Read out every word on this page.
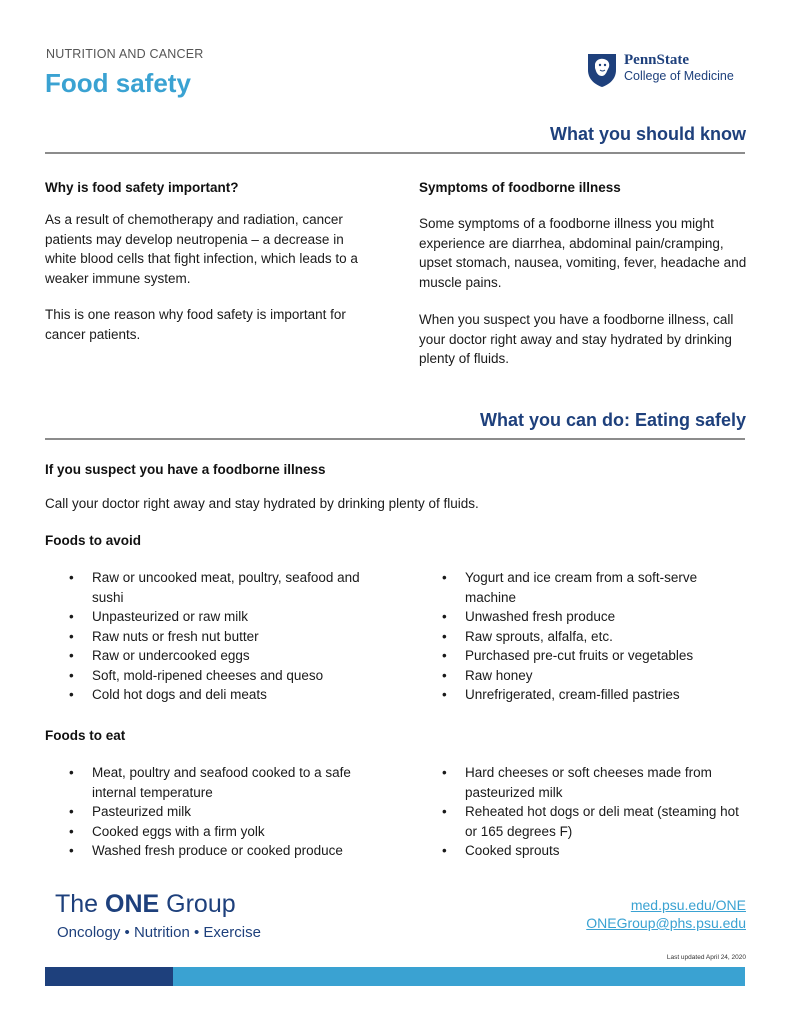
NUTRITION AND CANCER
Food safety
PennState
College of Medicine
What you should know
Why is food safety important?

As a result of chemotherapy and radiation, cancer patients may develop neutropenia – a decrease in white blood cells that fight infection, which leads to a weaker immune system.

This is one reason why food safety is important for cancer patients.

Symptoms of foodborne illness

Some symptoms of a foodborne illness you might experience are diarrhea, abdominal pain/cramping, upset stomach, nausea, vomiting, fever, headache and muscle pains.

When you suspect you have a foodborne illness, call your doctor right away and stay hydrated by drinking plenty of fluids.

What you can do: Eating safely
If you suspect you have a foodborne illness

Call your doctor right away and stay hydrated by drinking plenty of fluids.

Foods to avoid
• Raw or uncooked meat, poultry, seafood and sushi
• Unpasteurized or raw milk
• Raw nuts or fresh nut butter
• Raw or undercooked eggs
• Soft, mold-ripened cheeses and queso
• Cold hot dogs and deli meats
• Yogurt and ice cream from a soft-serve machine
• Unwashed fresh produce
• Raw sprouts, alfalfa, etc.
• Purchased pre-cut fruits or vegetables
• Raw honey
• Unrefrigerated, cream-filled pastries
Foods to eat
• Meat, poultry and seafood cooked to a safe internal temperature
• Pasteurized milk
• Cooked eggs with a firm yolk
• Washed fresh produce or cooked produce
• Hard cheeses or soft cheeses made from pasteurized milk
• Reheated hot dogs or deli meat (steaming hot or 165 degrees F)
• Cooked sprouts
The ONE Group
Oncology • Nutrition • Exercise
med.psu.edu/ONE
ONEGroup@phs.psu.edu
Last updated April 24, 2020
